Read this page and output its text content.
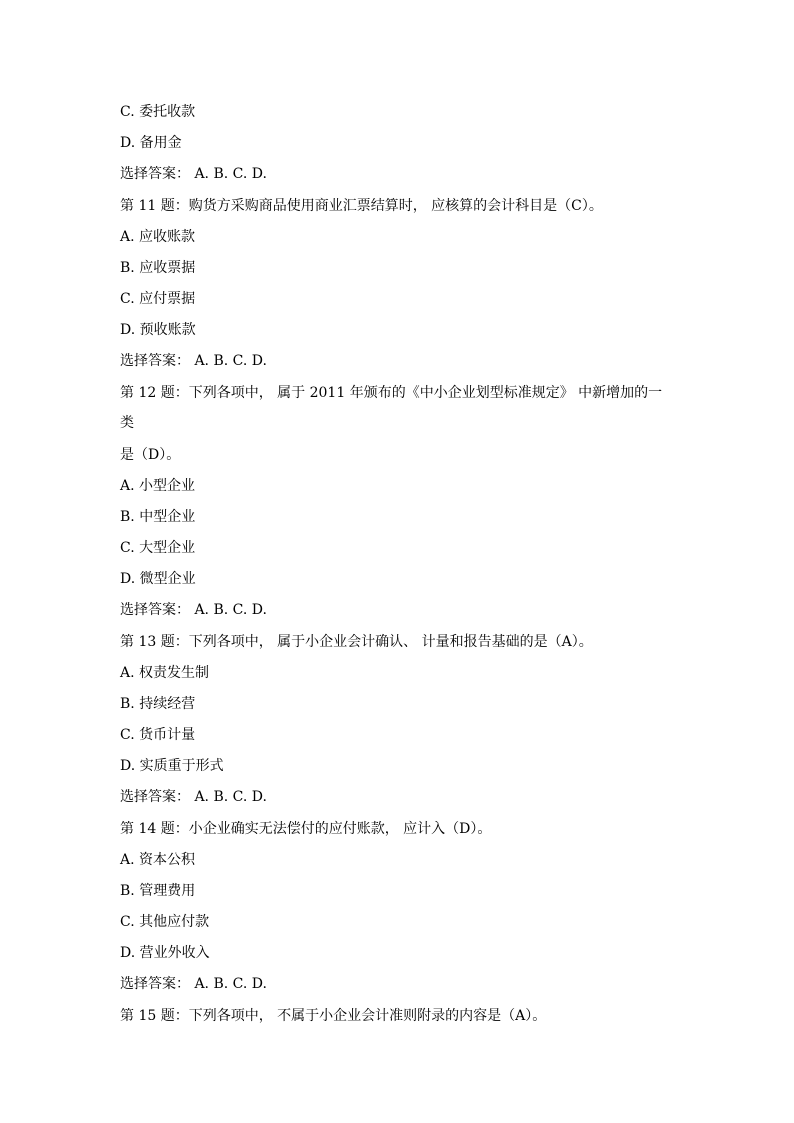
C. 委托收款

D. 备用金

选择答案： A. B. C. D.

第 11 题：购货方采购商品使用商业汇票结算时， 应核算的会计科目是（C）。

A. 应收账款

B. 应收票据

C. 应付票据

D. 预收账款

选择答案： A. B. C. D.

第 12 题：下列各项中， 属于 2011 年颁布的《中小企业划型标准规定》 中新增加的一

类

是（D）。

A. 小型企业

B. 中型企业

C. 大型企业

D. 微型企业

选择答案： A. B. C. D.

第 13 题：下列各项中， 属于小企业会计确认、 计量和报告基础的是（A）。

A. 权责发生制

B. 持续经营

C. 货币计量

D. 实质重于形式

选择答案： A. B. C. D.

第 14 题：小企业确实无法偿付的应付账款， 应计入（D）。

A. 资本公积

B. 管理费用

C. 其他应付款

D. 营业外收入

选择答案： A. B. C. D.

第 15 题：下列各项中， 不属于小企业会计准则附录的内容是（A）。
